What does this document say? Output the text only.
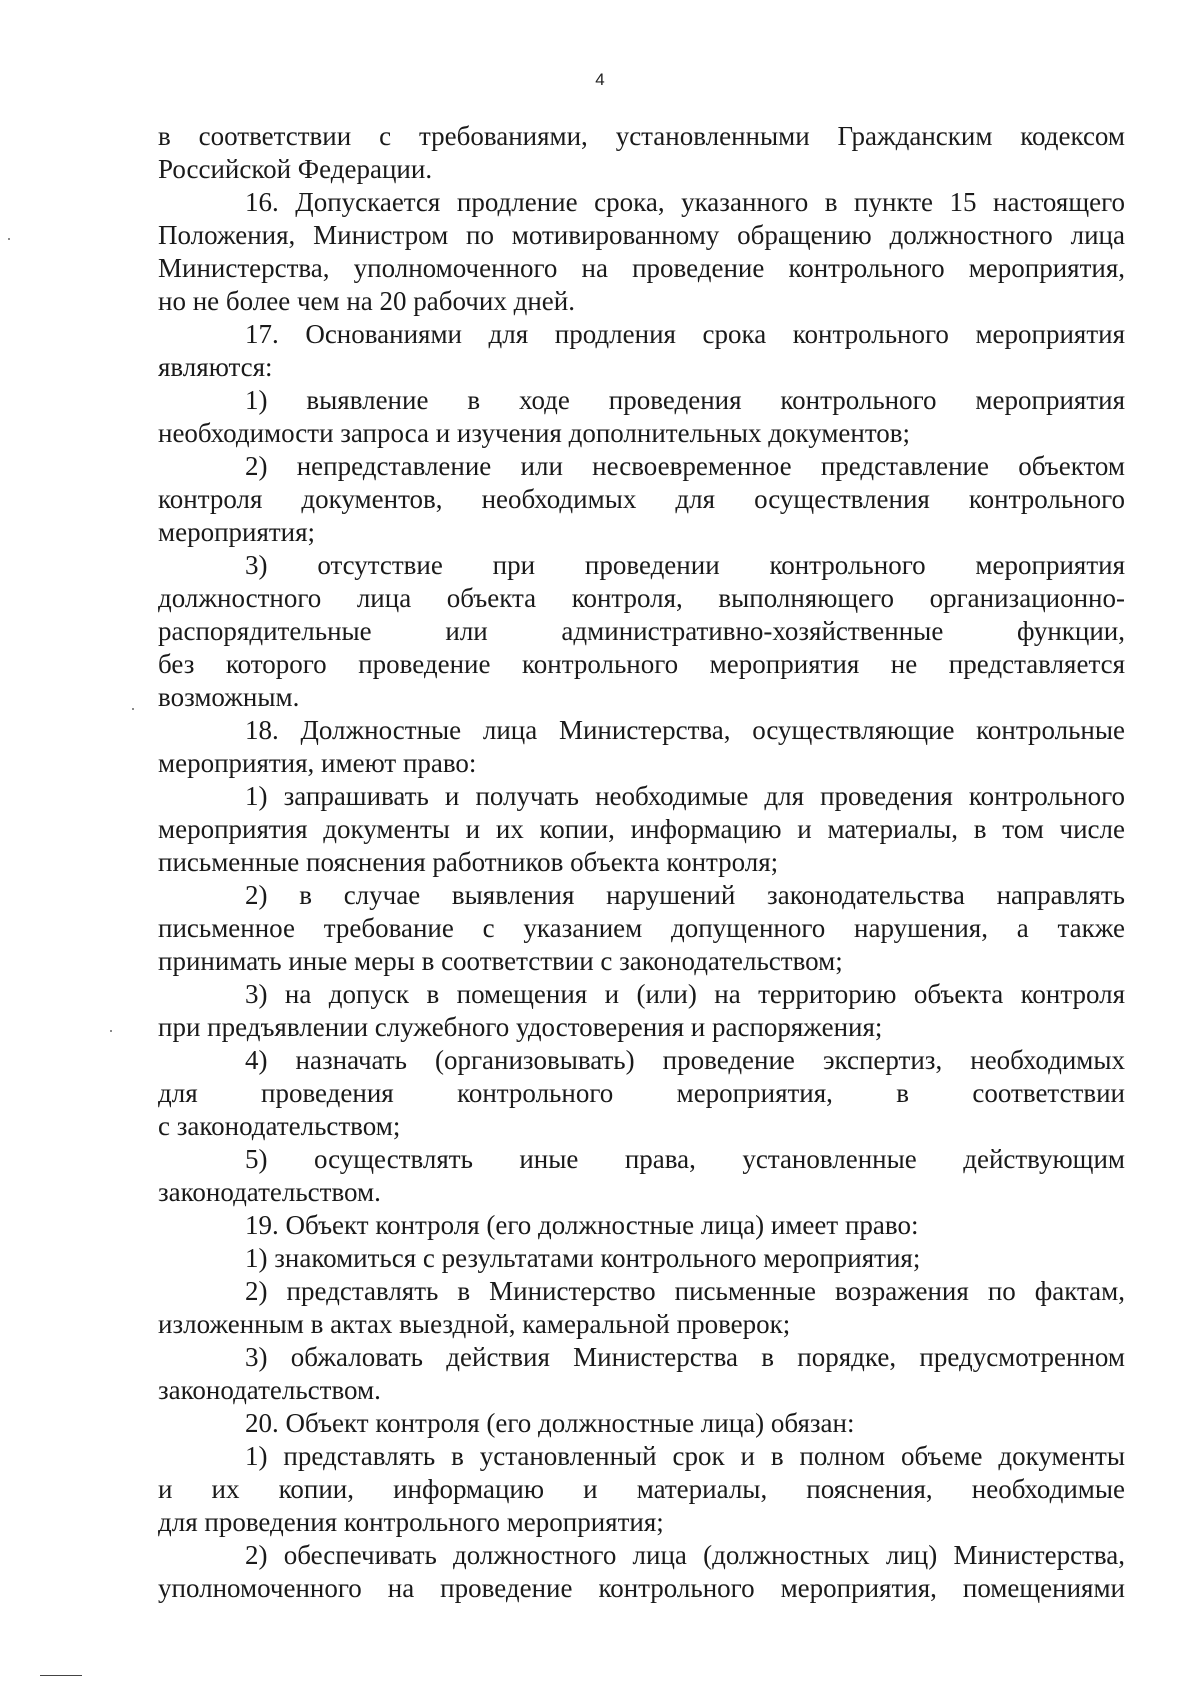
4
в соответствии с требованиями, установленными Гражданским кодексом
Российской Федерации.
16. Допускается продление срока, указанного в пункте 15 настоящего
Положения, Министром по мотивированному обращению должностного лица
Министерства, уполномоченного на проведение контрольного мероприятия,
но не более чем на 20 рабочих дней.
17. Основаниями для продления срока контрольного мероприятия
являются:
1) выявление в ходе проведения контрольного мероприятия
необходимости запроса и изучения дополнительных документов;
2) непредставление или несвоевременное представление объектом
контроля документов, необходимых для осуществления контрольного
мероприятия;
3) отсутствие при проведении контрольного мероприятия
должностного лица объекта контроля, выполняющего организационно-
распорядительные или административно-хозяйственные функции,
без которого проведение контрольного мероприятия не представляется
возможным.
18. Должностные лица Министерства, осуществляющие контрольные
мероприятия, имеют право:
1) запрашивать и получать необходимые для проведения контрольного
мероприятия документы и их копии, информацию и материалы, в том числе
письменные пояснения работников объекта контроля;
2) в случае выявления нарушений законодательства направлять
письменное требование с указанием допущенного нарушения, а также
принимать иные меры в соответствии с законодательством;
3) на допуск в помещения и (или) на территорию объекта контроля
при предъявлении служебного удостоверения и распоряжения;
4) назначать (организовывать) проведение экспертиз, необходимых
для проведения контрольного мероприятия, в соответствии
с законодательством;
5) осуществлять иные права, установленные действующим
законодательством.
19. Объект контроля (его должностные лица) имеет право:
1) знакомиться с результатами контрольного мероприятия;
2) представлять в Министерство письменные возражения по фактам,
изложенным в актах выездной, камеральной проверок;
3) обжаловать действия Министерства в порядке, предусмотренном
законодательством.
20. Объект контроля (его должностные лица) обязан:
1) представлять в установленный срок и в полном объеме документы
и их копии, информацию и материалы, пояснения, необходимые
для проведения контрольного мероприятия;
2) обеспечивать должностного лица (должностных лиц) Министерства,
уполномоченного на проведение контрольного мероприятия, помещениями
